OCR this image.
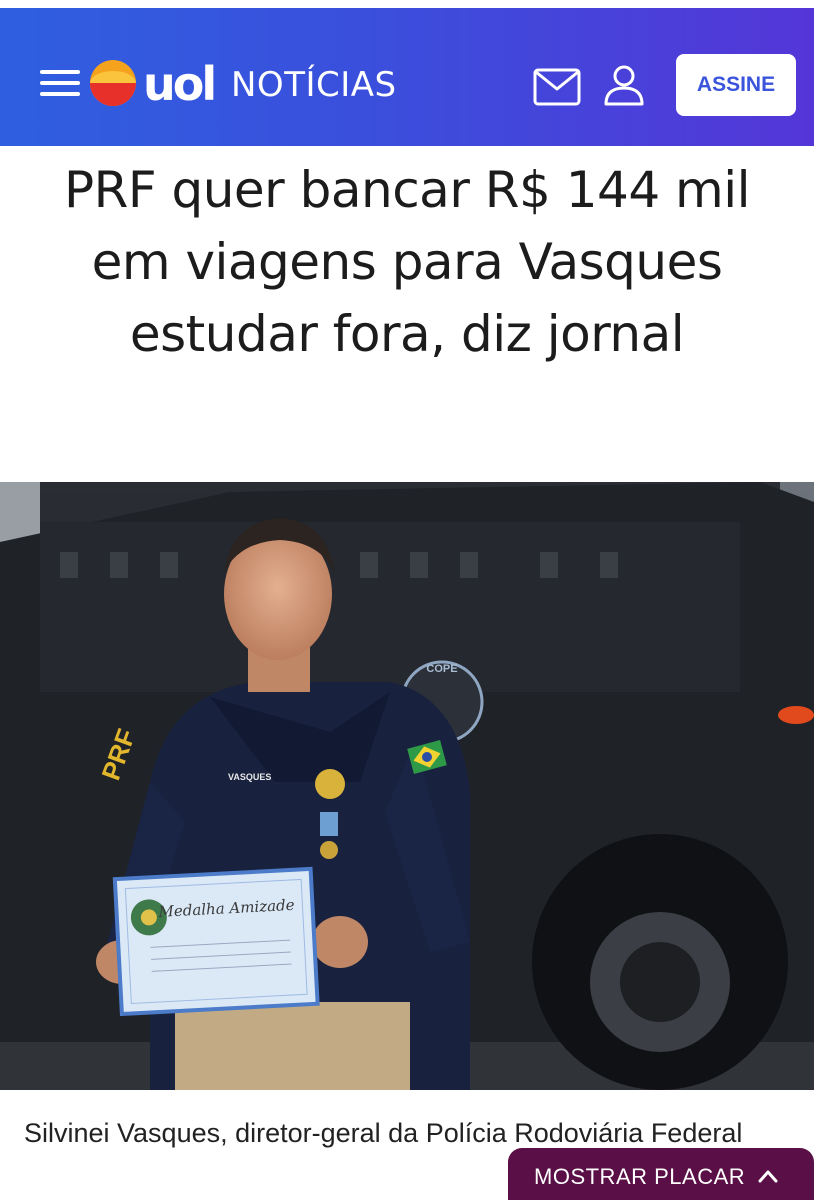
uol NOTÍCIAS	ASSINE
PRF quer bancar R$ 144 mil em viagens para Vasques estudar fora, diz jornal
COPE
PRF	VASQUES
Medalha Amizade

Silvinei Vasques, diretor-geral da Polícia Rodoviária Federal

MOSTRAR PLACAR
